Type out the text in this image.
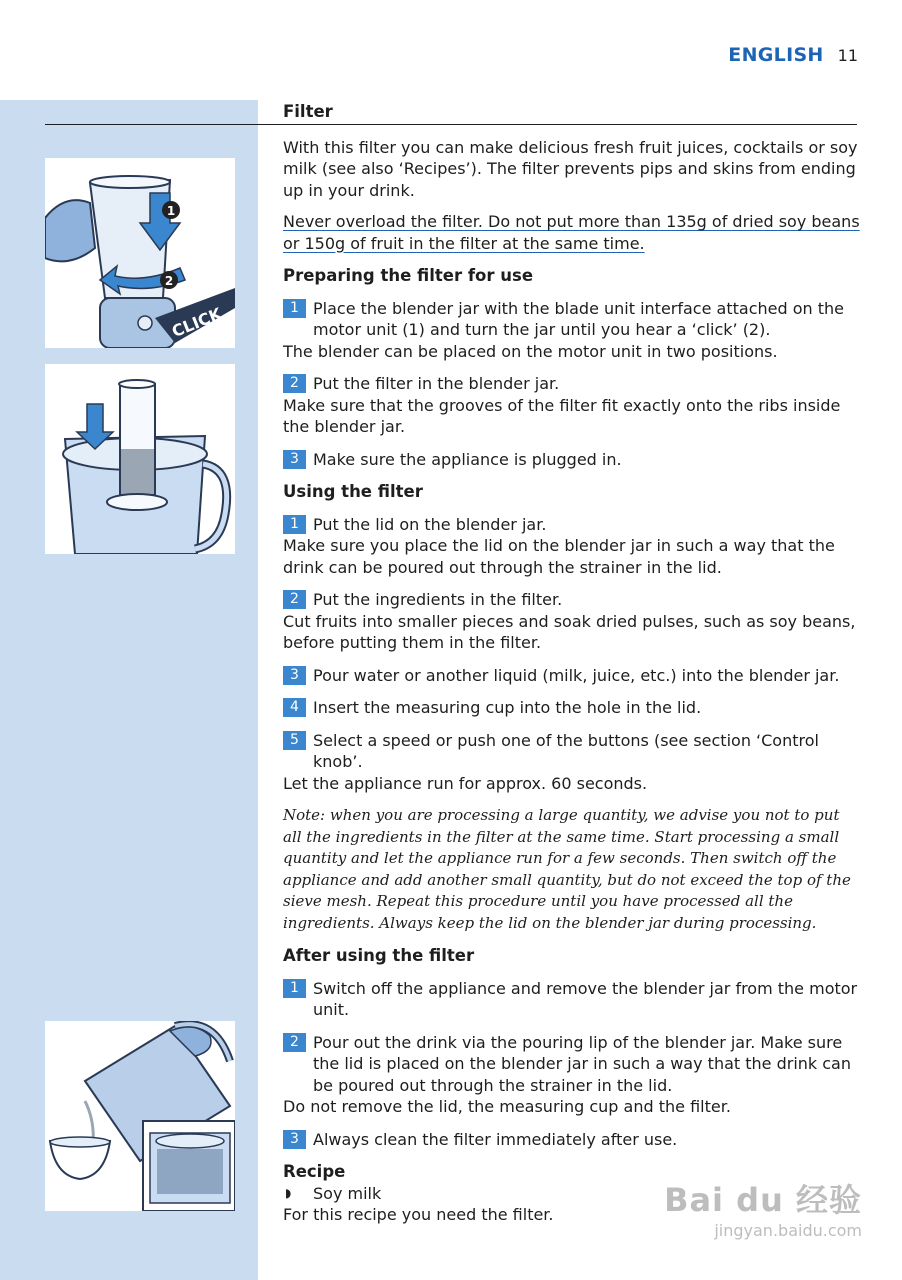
ENGLISH 11
1
2
CLICK

Filter

With this filter you can make delicious fresh fruit juices, cocktails or soy milk (see also ‘Recipes’). The filter prevents pips and skins from ending up in your drink.

Never overload the filter. Do not put more than 135g of dried soy beans or 150g of fruit in the filter at the same time.

Preparing the filter for use

1 Place the blender jar with the blade unit interface attached on the motor unit (1) and turn the jar until you hear a ‘click’ (2).

The blender can be placed on the motor unit in two positions.

2 Put the filter in the blender jar.

Make sure that the grooves of the filter fit exactly onto the ribs inside the blender jar.

3 Make sure the appliance is plugged in.

Using the filter

1 Put the lid on the blender jar.

Make sure you place the lid on the blender jar in such a way that the drink can be poured out through the strainer in the lid.

2 Put the ingredients in the filter.

Cut fruits into smaller pieces and soak dried pulses, such as soy beans, before putting them in the filter.

3 Pour water or another liquid (milk, juice, etc.) into the blender jar.
4 Insert the measuring cup into the hole in the lid.
5 Select a speed or push one of the buttons (see section ‘Control knob’.

Let the appliance run for approx. 60 seconds.

Note: when you are processing a large quantity, we advise you not to put all the ingredients in the filter at the same time. Start processing a small quantity and let the appliance run for a few seconds. Then switch off the appliance and add another small quantity, but do not exceed the top of the sieve mesh. Repeat this procedure until you have processed all the ingredients. Always keep the lid on the blender jar during processing.

After using the filter

1 Switch off the appliance and remove the blender jar from the motor unit.
2 Pour out the drink via the pouring lip of the blender jar. Make sure the lid is placed on the blender jar in such a way that the drink can be poured out through the strainer in the lid.

Do not remove the lid, the measuring cup and the filter.

3 Always clean the filter immediately after use.

Recipe

◗ Soy milk

For this recipe you need the filter.	Bai du 经验
jingyan.baidu.com
